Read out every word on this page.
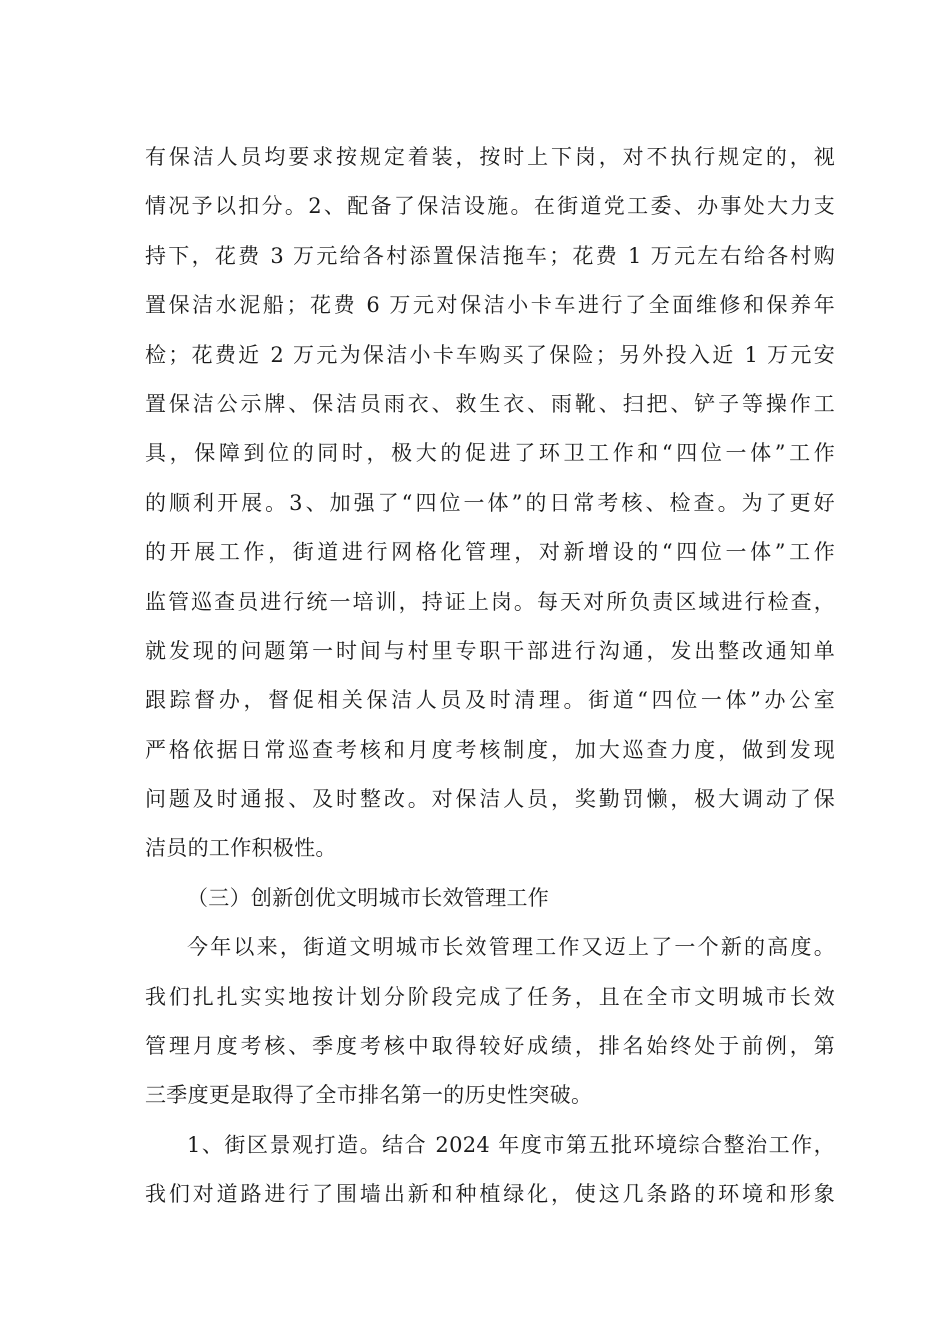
有保洁人员均要求按规定着装，按时上下岗，对不执行规定的，视
情况予以扣分。2、配备了保洁设施。在街道党工委、办事处大力支
持下，花费 3 万元给各村添置保洁拖车；花费 1 万元左右给各村购
置保洁水泥船；花费 6 万元对保洁小卡车进行了全面维修和保养年
检；花费近 2 万元为保洁小卡车购买了保险；另外投入近 1 万元安
置保洁公示牌、保洁员雨衣、救生衣、雨靴、扫把、铲子等操作工
具，保障到位的同时，极大的促进了环卫工作和“四位一体”工作
的顺利开展。3、加强了“四位一体”的日常考核、检查。为了更好
的开展工作，街道进行网格化管理，对新增设的“四位一体”工作
监管巡查员进行统一培训，持证上岗。每天对所负责区域进行检查，
就发现的问题第一时间与村里专职干部进行沟通，发出整改通知单
跟踪督办，督促相关保洁人员及时清理。街道“四位一体”办公室
严格依据日常巡查考核和月度考核制度，加大巡查力度，做到发现
问题及时通报、及时整改。对保洁人员，奖勤罚懒，极大调动了保
洁员的工作积极性。
（三）创新创优文明城市长效管理工作
今年以来，街道文明城市长效管理工作又迈上了一个新的高度。
我们扎扎实实地按计划分阶段完成了任务，且在全市文明城市长效
管理月度考核、季度考核中取得较好成绩，排名始终处于前例，第
三季度更是取得了全市排名第一的历史性突破。
1、街区景观打造。结合 2024 年度市第五批环境综合整治工作，
我们对道路进行了围墙出新和种植绿化，使这几条路的环境和形象
